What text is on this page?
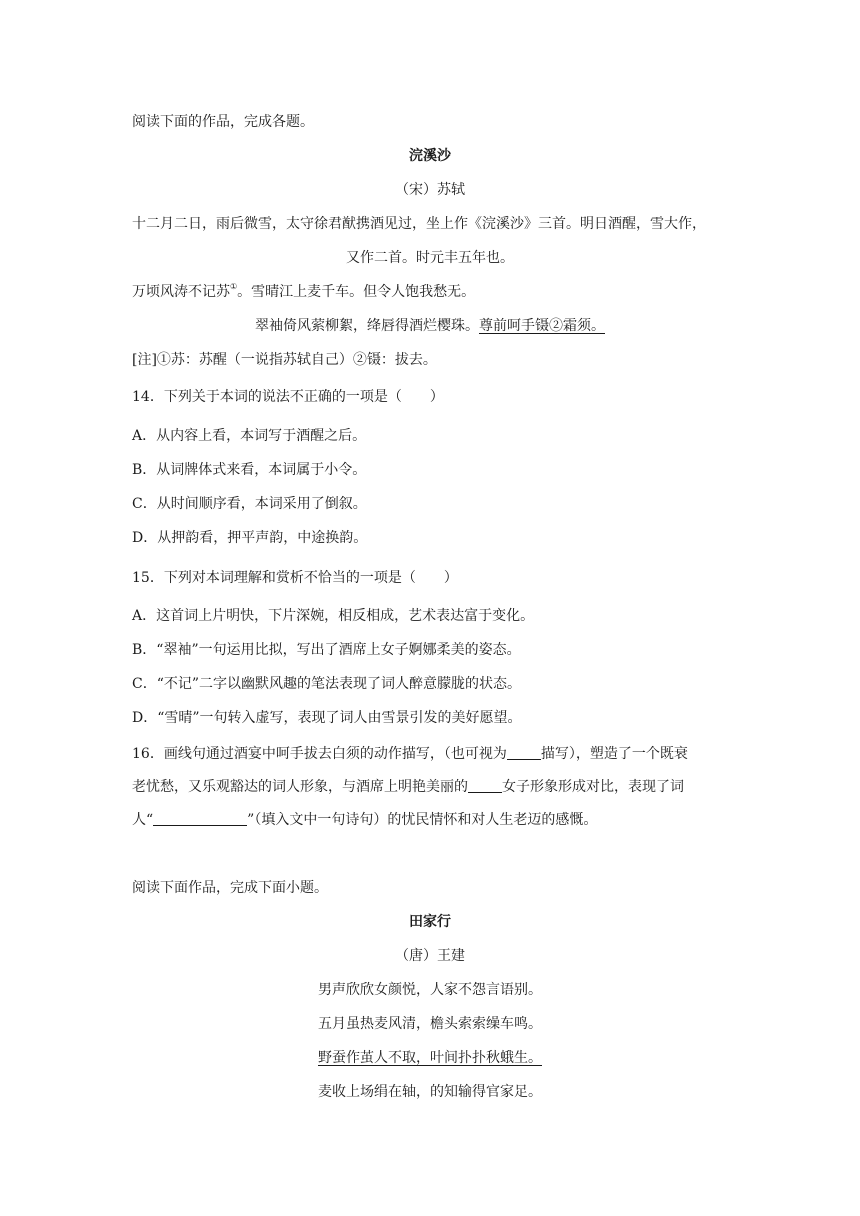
阅读下面的作品，完成各题。
浣溪沙
（宋）苏轼
十二月二日，雨后微雪，太守徐君猷携酒见过，坐上作《浣溪沙》三首。明日酒醒，雪大作，
又作二首。时元丰五年也。
万顷风涛不记苏①。雪晴江上麦千车。但令人饱我愁无。
翠袖倚风萦柳絮，绛唇得酒烂樱珠。尊前呵手镊②霜须。
[注]①苏：苏醒（一说指苏轼自己）②镊：拔去。
14．下列关于本词的说法不正确的一项是（　　）
A．从内容上看，本词写于酒醒之后。
B．从词牌体式来看，本词属于小令。
C．从时间顺序看，本词采用了倒叙。
D．从押韵看，押平声韵，中途换韵。
15．下列对本词理解和赏析不恰当的一项是（　　）
A．这首词上片明快，下片深婉，相反相成，艺术表达富于变化。
B．“翠袖”一句运用比拟，写出了酒席上女子婀娜柔美的姿态。
C．“不记”二字以幽默风趣的笔法表现了词人醉意朦胧的状态。
D．“雪晴”一句转入虚写，表现了词人由雪景引发的美好愿望。
16．画线句通过酒宴中呵手拔去白须的动作描写，（也可视为 描写），塑造了一个既衰
老忧愁，又乐观豁达的词人形象，与酒席上明艳美丽的 女子形象形成对比，表现了词
人“	”（填入文中一句诗句）的忧民情怀和对人生老迈的感慨。
阅读下面作品，完成下面小题。
田家行
（唐）王建
男声欣欣女颜悦，人家不怨言语别。
五月虽热麦风清，檐头索索缲车鸣。
野蚕作茧人不取，叶间扑扑秋蛾生。
麦收上场绢在轴，的知输得官家足。
